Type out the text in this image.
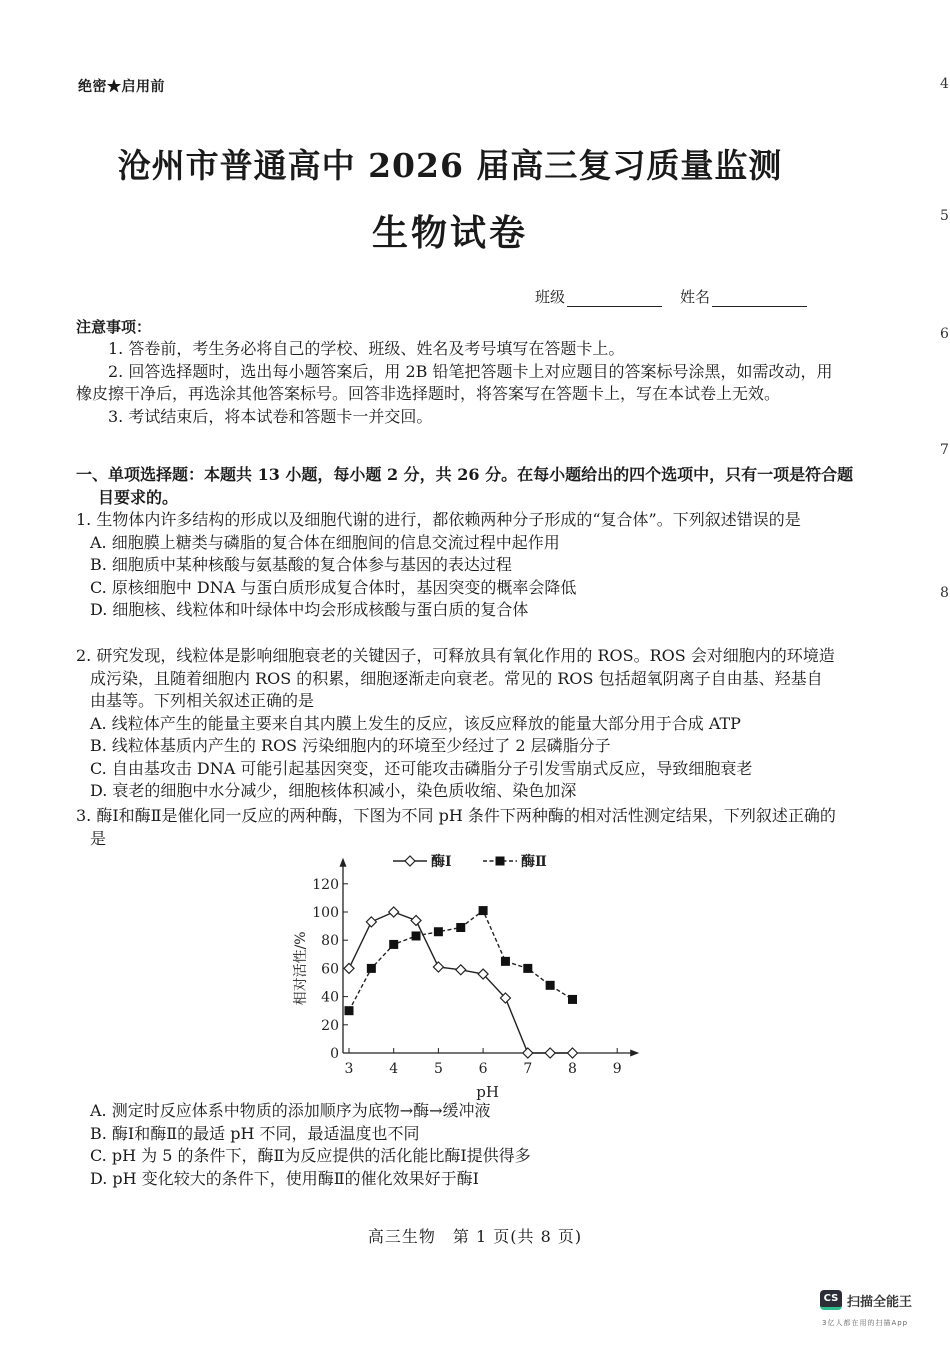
绝密★启用前
沧州市普通高中 2026 届高三复习质量监测
生物试卷
班级	姓名
注意事项：
1. 答卷前，考生务必将自己的学校、班级、姓名及考号填写在答题卡上。
2. 回答选择题时，选出每小题答案后，用 2B 铅笔把答题卡上对应题目的答案标号涂黑，如需改动，用橡皮擦干净后，再选涂其他答案标号。回答非选择题时，将答案写在答题卡上，写在本试卷上无效。
3. 考试结束后，将本试卷和答题卡一并交回。
一、单项选择题：本题共 13 小题，每小题 2 分，共 26 分。在每小题给出的四个选项中，只有一项是符合题目要求的。
1. 生物体内许多结构的形成以及细胞代谢的进行，都依赖两种分子形成的“复合体”。下列叙述错误的是
A. 细胞膜上糖类与磷脂的复合体在细胞间的信息交流过程中起作用
B. 细胞质中某种核酸与氨基酸的复合体参与基因的表达过程
C. 原核细胞中 DNA 与蛋白质形成复合体时，基因突变的概率会降低
D. 细胞核、线粒体和叶绿体中均会形成核酸与蛋白质的复合体
2. 研究发现，线粒体是影响细胞衰老的关键因子，可释放具有氧化作用的 ROS。ROS 会对细胞内的环境造成污染，且随着细胞内 ROS 的积累，细胞逐渐走向衰老。常见的 ROS 包括超氧阴离子自由基、羟基自由基等。下列相关叙述正确的是
A. 线粒体产生的能量主要来自其内膜上发生的反应，该反应释放的能量大部分用于合成 ATP
B. 线粒体基质内产生的 ROS 污染细胞内的环境至少经过了 2 层磷脂分子
C. 自由基攻击 DNA 可能引起基因突变，还可能攻击磷脂分子引发雪崩式反应，导致细胞衰老
D. 衰老的细胞中水分减少，细胞核体积减小，染色质收缩、染色加深
3. 酶Ⅰ和酶Ⅱ是催化同一反应的两种酶，下图为不同 pH 条件下两种酶的相对活性测定结果，下列叙述正确的是
0
20
40
60
80
100
120
3	4	5	6	7	8	9
pH
相对活性/%
酶Ⅰ	酶Ⅱ
A. 测定时反应体系中物质的添加顺序为底物→酶→缓冲液
B. 酶Ⅰ和酶Ⅱ的最适 pH 不同，最适温度也不同
C. pH 为 5 的条件下，酶Ⅱ为反应提供的活化能比酶Ⅰ提供得多
D. pH 变化较大的条件下，使用酶Ⅱ的催化效果好于酶Ⅰ
高三生物　第 1 页(共 8 页)
4
5
6
7
8
CS 扫描全能王
3亿人都在用的扫描App
